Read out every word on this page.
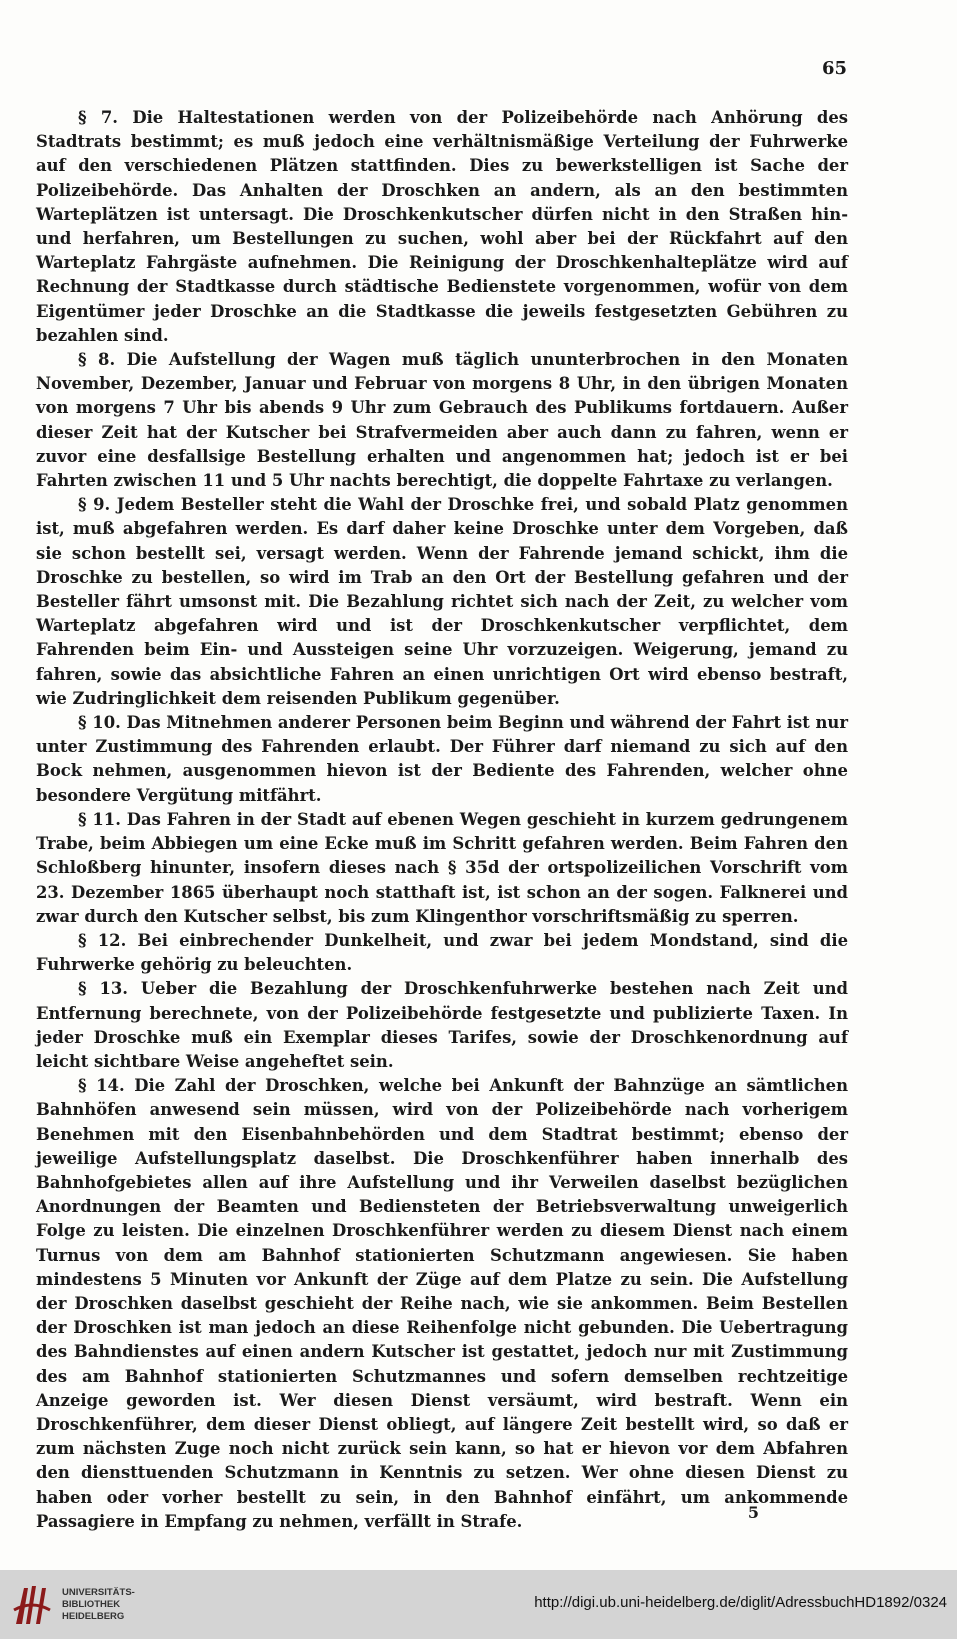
65

§ 7. Die Haltestationen werden von der Polizeibehörde nach Anhörung des Stadtrats bestimmt; es muß jedoch eine verhältnismäßige Verteilung der Fuhrwerke auf den verschiedenen Plätzen stattfinden. Dies zu bewerkstelligen ist Sache der Polizeibehörde. Das Anhalten der Droschken an andern, als an den bestimmten Warteplätzen ist untersagt. Die Droschkenkutscher dürfen nicht in den Straßen hin- und herfahren, um Bestellungen zu suchen, wohl aber bei der Rückfahrt auf den Warteplatz Fahrgäste aufnehmen. Die Reinigung der Droschkenhalteplätze wird auf Rechnung der Stadtkasse durch städtische Bedienstete vorgenommen, wofür von dem Eigentümer jeder Droschke an die Stadtkasse die jeweils festgesetzten Gebühren zu bezahlen sind.

§ 8. Die Aufstellung der Wagen muß täglich ununterbrochen in den Monaten November, Dezember, Januar und Februar von morgens 8 Uhr, in den übrigen Monaten von morgens 7 Uhr bis abends 9 Uhr zum Gebrauch des Publikums fortdauern. Außer dieser Zeit hat der Kutscher bei Strafvermeiden aber auch dann zu fahren, wenn er zuvor eine desfallsige Bestellung erhalten und angenommen hat; jedoch ist er bei Fahrten zwischen 11 und 5 Uhr nachts berechtigt, die doppelte Fahrtaxe zu verlangen.

§ 9. Jedem Besteller steht die Wahl der Droschke frei, und sobald Platz genommen ist, muß abgefahren werden. Es darf daher keine Droschke unter dem Vorgeben, daß sie schon bestellt sei, versagt werden. Wenn der Fahrende jemand schickt, ihm die Droschke zu bestellen, so wird im Trab an den Ort der Bestellung gefahren und der Besteller fährt umsonst mit. Die Bezahlung richtet sich nach der Zeit, zu welcher vom Warteplatz abgefahren wird und ist der Droschkenkutscher verpflichtet, dem Fahrenden beim Ein- und Aussteigen seine Uhr vorzuzeigen. Weigerung, jemand zu fahren, sowie das absichtliche Fahren an einen unrichtigen Ort wird ebenso bestraft, wie Zudringlichkeit dem reisenden Publikum gegenüber.

§ 10. Das Mitnehmen anderer Personen beim Beginn und während der Fahrt ist nur unter Zustimmung des Fahrenden erlaubt. Der Führer darf niemand zu sich auf den Bock nehmen, ausgenommen hievon ist der Bediente des Fahrenden, welcher ohne besondere Vergütung mitfährt.

§ 11. Das Fahren in der Stadt auf ebenen Wegen geschieht in kurzem gedrungenem Trabe, beim Abbiegen um eine Ecke muß im Schritt gefahren werden. Beim Fahren den Schloßberg hinunter, insofern dieses nach § 35d der ortspolizeilichen Vorschrift vom 23. Dezember 1865 überhaupt noch statthaft ist, ist schon an der sogen. Falknerei und zwar durch den Kutscher selbst, bis zum Klingenthor vorschriftsmäßig zu sperren.

§ 12. Bei einbrechender Dunkelheit, und zwar bei jedem Mondstand, sind die Fuhrwerke gehörig zu beleuchten.

§ 13. Ueber die Bezahlung der Droschkenfuhrwerke bestehen nach Zeit und Entfernung berechnete, von der Polizeibehörde festgesetzte und publizierte Taxen. In jeder Droschke muß ein Exemplar dieses Tarifes, sowie der Droschkenordnung auf leicht sichtbare Weise angeheftet sein.

§ 14. Die Zahl der Droschken, welche bei Ankunft der Bahnzüge an sämtlichen Bahnhöfen anwesend sein müssen, wird von der Polizeibehörde nach vorherigem Benehmen mit den Eisenbahnbehörden und dem Stadtrat bestimmt; ebenso der jeweilige Aufstellungsplatz daselbst. Die Droschkenführer haben innerhalb des Bahnhofgebietes allen auf ihre Aufstellung und ihr Verweilen daselbst bezüglichen Anordnungen der Beamten und Bediensteten der Betriebsverwaltung unweigerlich Folge zu leisten. Die einzelnen Droschkenführer werden zu diesem Dienst nach einem Turnus von dem am Bahnhof stationierten Schutzmann angewiesen. Sie haben mindestens 5 Minuten vor Ankunft der Züge auf dem Platze zu sein. Die Aufstellung der Droschken daselbst geschieht der Reihe nach, wie sie ankommen. Beim Bestellen der Droschken ist man jedoch an diese Reihenfolge nicht gebunden. Die Uebertragung des Bahndienstes auf einen andern Kutscher ist gestattet, jedoch nur mit Zustimmung des am Bahnhof stationierten Schutzmannes und sofern demselben rechtzeitige Anzeige geworden ist. Wer diesen Dienst versäumt, wird bestraft. Wenn ein Droschkenführer, dem dieser Dienst obliegt, auf längere Zeit bestellt wird, so daß er zum nächsten Zuge noch nicht zurück sein kann, so hat er hievon vor dem Abfahren den diensttuenden Schutzmann in Kenntnis zu setzen. Wer ohne diesen Dienst zu haben oder vorher bestellt zu sein, in den Bahnhof einfährt, um ankommende Passagiere in Empfang zu nehmen, verfällt in Strafe.	5
UNIVERSITÄTS-
BIBLIOTHEK
HEIDELBERG
http://digi.ub.uni-heidelberg.de/diglit/AdressbuchHD1892/0324
